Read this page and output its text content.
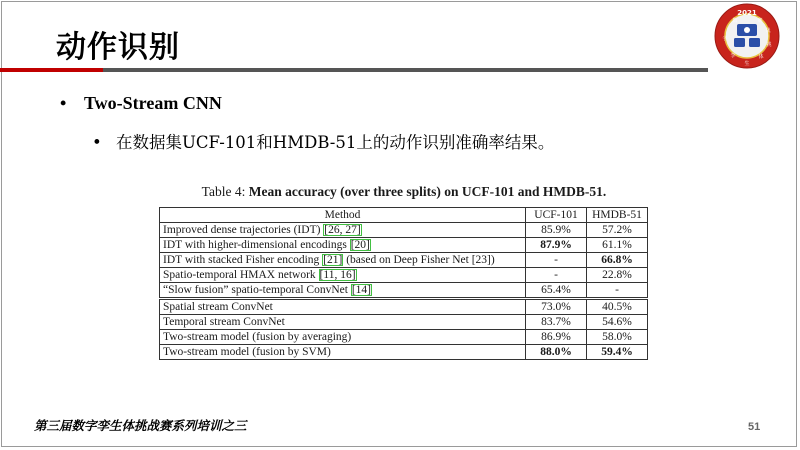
动作识别
2021
数	赛
挑
战
孪
生
体
字
• Two-Stream CNN
• 在数据集UCF-101和HMDB-51上的动作识别准确率结果。
Table 4: Mean accuracy (over three splits) on UCF-101 and HMDB-51.
Method	UCF-101	HMDB-51
Improved dense trajectories (IDT) [26, 27]	85.9%	57.2%
IDT with higher-dimensional encodings [20]	87.9%	61.1%
IDT with stacked Fisher encoding [21] (based on Deep Fisher Net [23])	-	66.8%
Spatio-temporal HMAX network [11, 16]	-	22.8%
“Slow fusion” spatio-temporal ConvNet [14]	65.4%	-
Spatial stream ConvNet	73.0%	40.5%
Temporal stream ConvNet	83.7%	54.6%
Two-stream model (fusion by averaging)	86.9%	58.0%
Two-stream model (fusion by SVM)	88.0%	59.4%
第三届数字孪生体挑战赛系列培训之三	51
